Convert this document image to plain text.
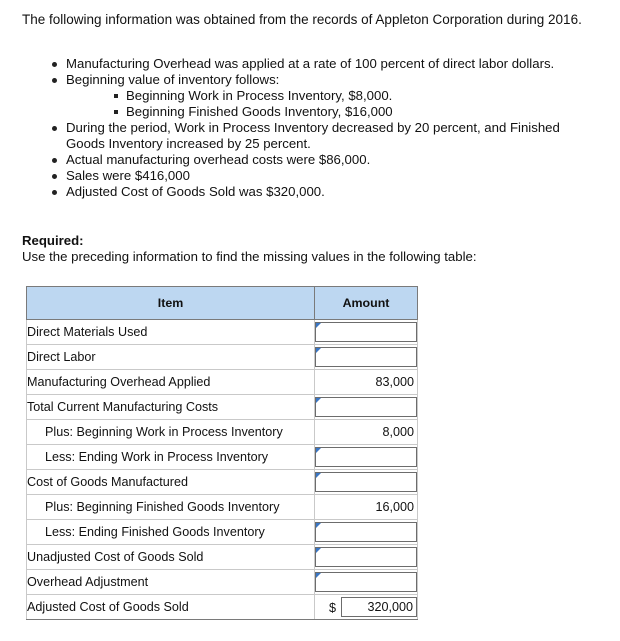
The following information was obtained from the records of Appleton Corporation during 2016.
Manufacturing Overhead was applied at a rate of 100 percent of direct labor dollars.
Beginning value of inventory follows:
Beginning Work in Process Inventory, $8,000.
Beginning Finished Goods Inventory, $16,000
During the period, Work in Process Inventory decreased by 20 percent, and Finished Goods Inventory increased by 25 percent.
Actual manufacturing overhead costs were $86,000.
Sales were $416,000
Adjusted Cost of Goods Sold was $320,000.
Required:
Use the preceding information to find the missing values in the following table:
Item	Amount
Direct Materials Used	

Direct Labor	

Manufacturing Overhead Applied	83,000

Total Current Manufacturing Costs	

Plus: Beginning Work in Process Inventory	8,000

Less: Ending Work in Process Inventory	

Cost of Goods Manufactured	

Plus: Beginning Finished Goods Inventory	16,000

Less: Ending Finished Goods Inventory	

Unadjusted Cost of Goods Sold	

Overhead Adjustment	

Adjusted Cost of Goods Sold	$ 320,000
